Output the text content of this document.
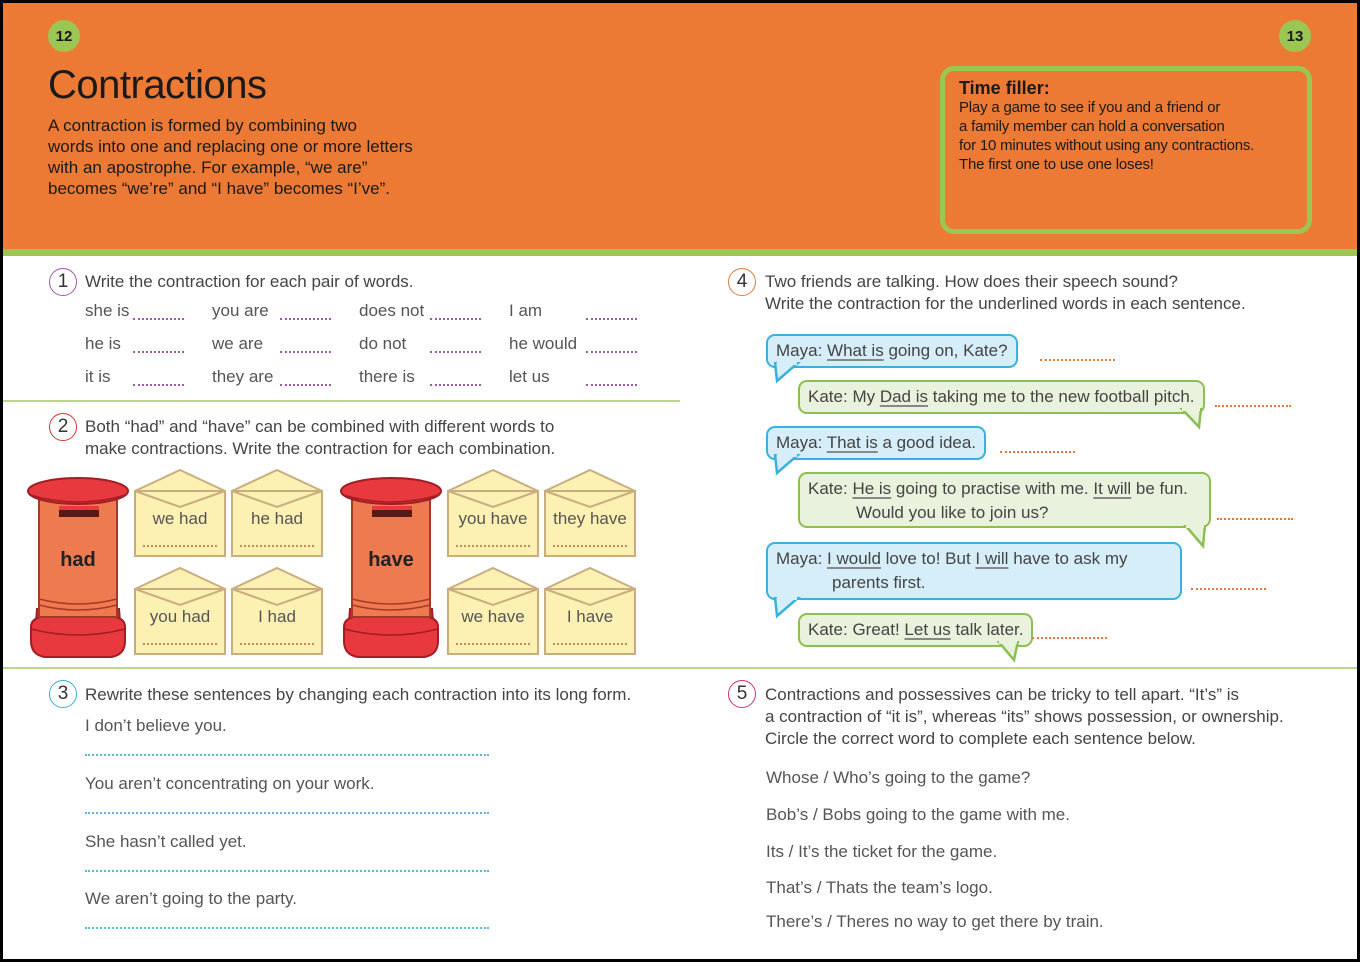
12	13
Contractions
A contraction is formed by combining two
words into one and replacing one or more letters
with an apostrophe. For example, “we are”
becomes “we’re” and “I have” becomes “I’ve”.
Time filler:
Play a game to see if you and a friend or
a family member can hold a conversation
for 10 minutes without using any contractions.
The first one to use one loses!
1 Write the contraction for each pair of words.
she is	you are	does not	I am
he is	we are	do not	he would
it is	they are	there is	let us
2 Both “had” and “have” can be combined with different words to
make contractions. Write the contraction for each combination.
had
we had	he had
you had	I had
have
you have	they have
we have	I have
3 Rewrite these sentences by changing each contraction into its long form.
I don’t believe you.
You aren’t concentrating on your work.
She hasn’t called yet.
We aren’t going to the party.
4	Two friends are talking. How does their speech sound?
Write the contraction for the underlined words in each sentence.
Maya: What is going on, Kate?
Kate: My Dad is taking me to the new football pitch.
Maya: That is a good idea.
Kate: He is going to practise with me. It will be fun.
Would you like to join us?
Maya: I would love to! But I will have to ask my
parents first.
Kate: Great! Let us talk later.
5	Contractions and possessives can be tricky to tell apart. “It’s” is
a contraction of “it is”, whereas “its” shows possession, or ownership.
Circle the correct word to complete each sentence below.
Whose / Who’s going to the game?
Bob’s / Bobs going to the game with me.
Its / It’s the ticket for the game.
That’s / Thats the team’s logo.
There’s / Theres no way to get there by train.
